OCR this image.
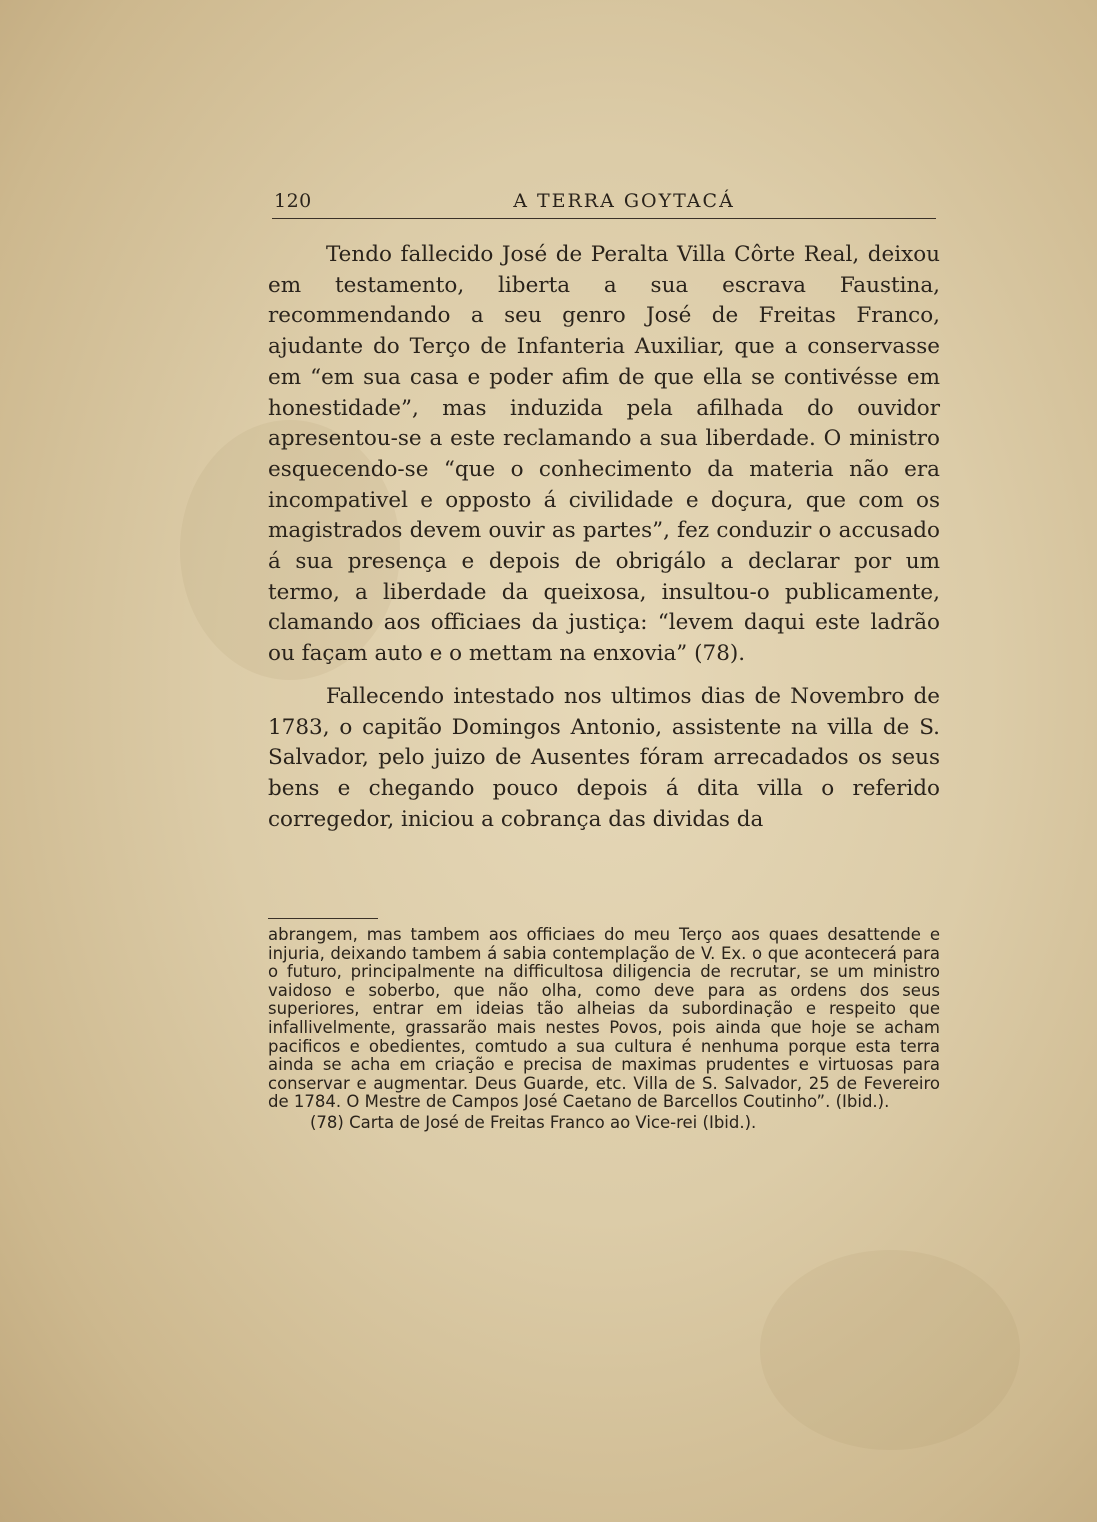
120	A TERRA GOYTACÁ

Tendo fallecido José de Peralta Villa Côrte Real, deixou em testamento, liberta a sua escrava Faustina, recommendando a seu genro José de Freitas Franco, ajudante do Terço de Infanteria Auxiliar, que a conservasse em “em sua casa e poder afim de que ella se contivésse em honestidade”, mas induzida pela afilhada do ouvidor apresentou-se a este reclamando a sua liberdade. O ministro esquecendo-se “que o conhecimento da materia não era incompativel e opposto á civilidade e doçura, que com os magistrados devem ouvir as partes”, fez conduzir o accusado á sua presença e depois de obrigálo a declarar por um termo, a liberdade da queixosa, insultou-o publicamente, clamando aos officiaes da justiça: “levem daqui este ladrão ou façam auto e o mettam na enxovia” (78).

Fallecendo intestado nos ultimos dias de Novembro de 1783, o capitão Domingos Antonio, assistente na villa de S. Salvador, pelo juizo de Ausentes fóram arrecadados os seus bens e chegando pouco depois á dita villa o referido corregedor, iniciou a cobrança das dividas da

abrangem, mas tambem aos officiaes do meu Terço aos quaes desattende e injuria, deixando tambem á sabia contemplação de V. Ex. o que acontecerá para o futuro, principalmente na difficultosa diligencia de recrutar, se um ministro vaidoso e soberbo, que não olha, como deve para as ordens dos seus superiores, entrar em ideias tão alheias da subordinação e respeito que infallivelmente, grassarão mais nestes Povos, pois ainda que hoje se acham pacificos e obedientes, comtudo a sua cultura é nenhuma porque esta terra ainda se acha em criação e precisa de maximas prudentes e virtuosas para conservar e augmentar. Deus Guarde, etc. Villa de S. Salvador, 25 de Fevereiro de 1784. O Mestre de Campos José Caetano de Barcellos Coutinho”. (Ibid.).

(78) Carta de José de Freitas Franco ao Vice-rei (Ibid.).
